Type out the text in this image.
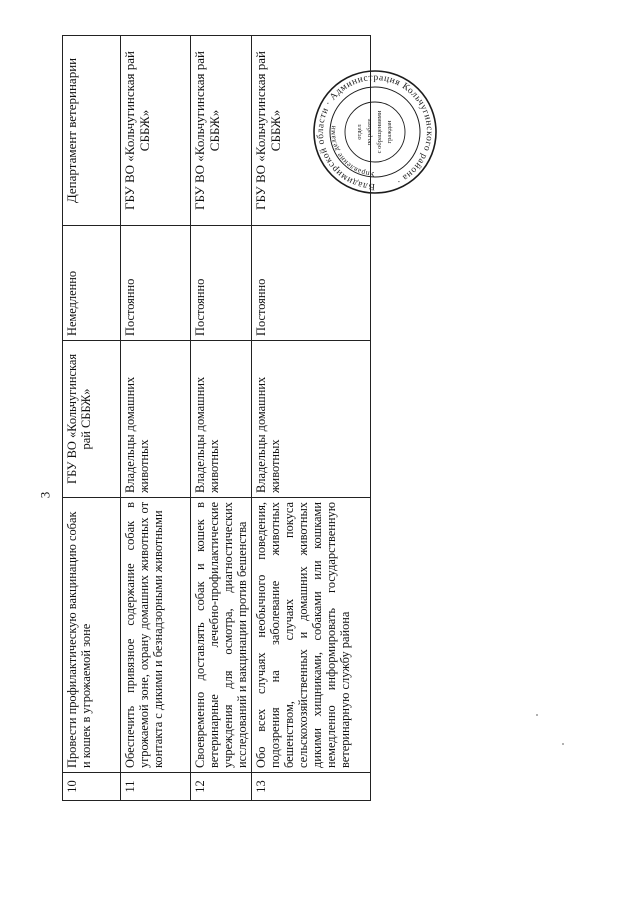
3
10	Провести профилактическую вакцинацию собак и кошек в угрожаемой зоне	ГБУ ВО «Кольчугинская рай СББЖ»	Немедленно	Департамент ветеринарии
11	Обеспечить привязное содержание собак в угрожаемой зоне, охрану домашних животных от контакта с дикими и безнадзорными животными	Владельцы домашних животных	Постоянно	ГБУ ВО «Кольчугинская рай СББЖ»
12	Своевременно доставлять собак и кошек в ветеринарные лечебно-профилактические учреждения для осмотра, диагностических исследований и вакцинации против бешенства	Владельцы домашних животных	Постоянно	ГБУ ВО «Кольчугинская рай СББЖ»
13	Обо всех случаях необычного поведения, подозрения на заболевание животных бешенством, случаях покуса сельскохозяйственных и домашних животных дикими хищниками, собаками или кошками немедленно информировать государственную ветеринарную службу района	Владельцы домашних животных	Постоянно	ГБУ ВО «Кольчугинская рай СББЖ»
Владимирской области · Администрация Кольчугинского района ·
Управление делами	отдел по работе с обращениями граждан
